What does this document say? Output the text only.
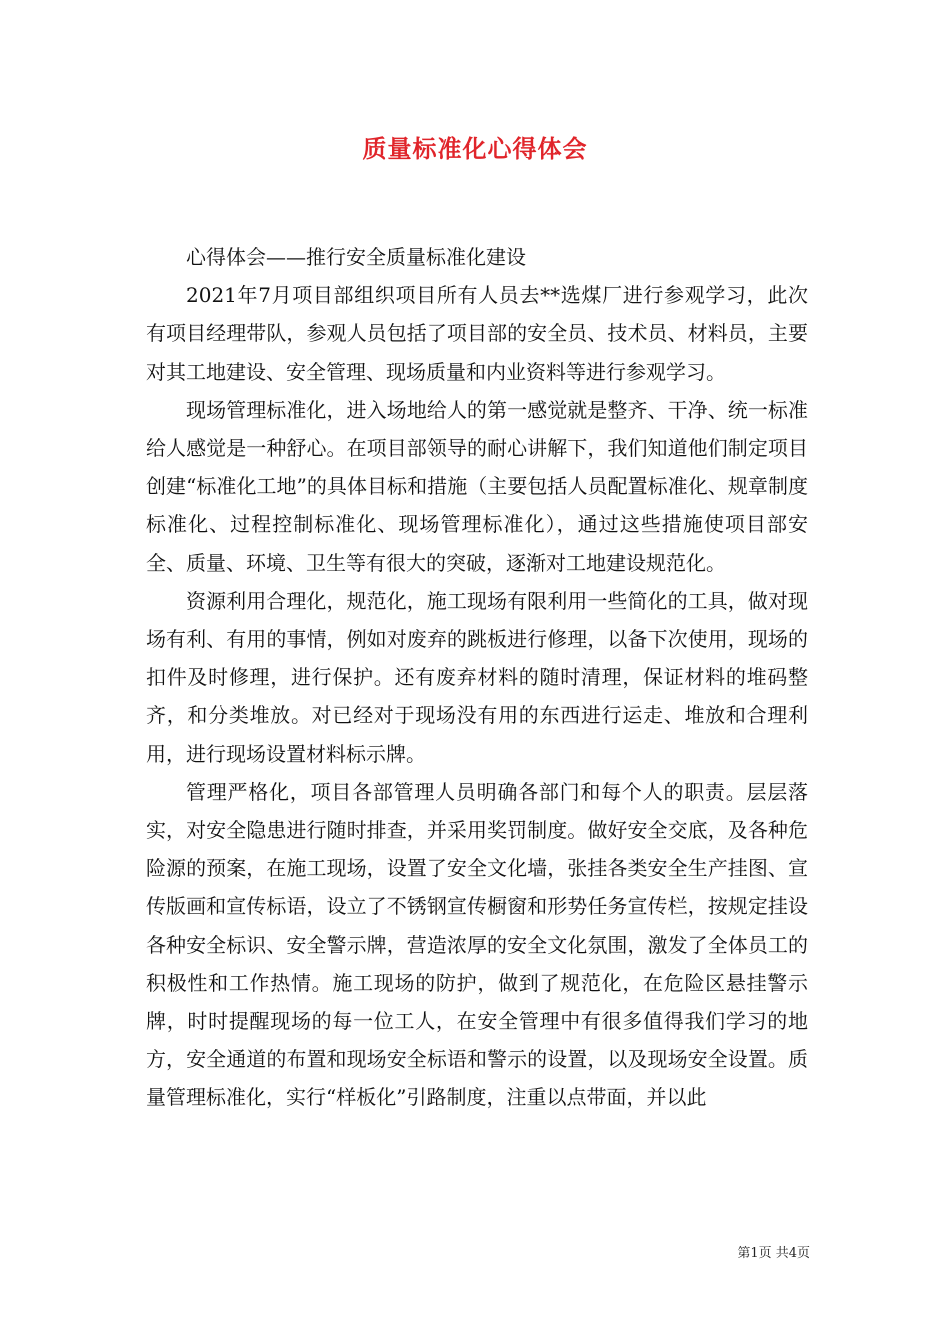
质量标准化心得体会

心得体会——推行安全质量标准化建设

2021年7月项目部组织项目所有人员去**选煤厂进行参观学习，此次有项目经理带队，参观人员包括了项目部的安全员、技术员、材料员，主要对其工地建设、安全管理、现场质量和内业资料等进行参观学习。

现场管理标准化，进入场地给人的第一感觉就是整齐、干净、统一标准给人感觉是一种舒心。在项目部领导的耐心讲解下，我们知道他们制定项目创建“标准化工地”的具体目标和措施（主要包括人员配置标准化、规章制度标准化、过程控制标准化、现场管理标准化），通过这些措施使项目部安全、质量、环境、卫生等有很大的突破，逐渐对工地建设规范化。

资源利用合理化，规范化，施工现场有限利用一些简化的工具，做对现场有利、有用的事情，例如对废弃的跳板进行修理，以备下次使用，现场的扣件及时修理，进行保护。还有废弃材料的随时清理，保证材料的堆码整齐，和分类堆放。对已经对于现场没有用的东西进行运走、堆放和合理利用，进行现场设置材料标示牌。

管理严格化，项目各部管理人员明确各部门和每个人的职责。层层落实，对安全隐患进行随时排查，并采用奖罚制度。做好安全交底，及各种危险源的预案，在施工现场，设置了安全文化墙，张挂各类安全生产挂图、宣传版画和宣传标语，设立了不锈钢宣传橱窗和形势任务宣传栏，按规定挂设各种安全标识、安全警示牌，营造浓厚的安全文化氛围，激发了全体员工的积极性和工作热情。施工现场的防护，做到了规范化，在危险区悬挂警示牌，时时提醒现场的每一位工人，在安全管理中有很多值得我们学习的地方，安全通道的布置和现场安全标语和警示的设置，以及现场安全设置。质量管理标准化，实行“样板化”引路制度，注重以点带面，并以此

第1页 共4页
